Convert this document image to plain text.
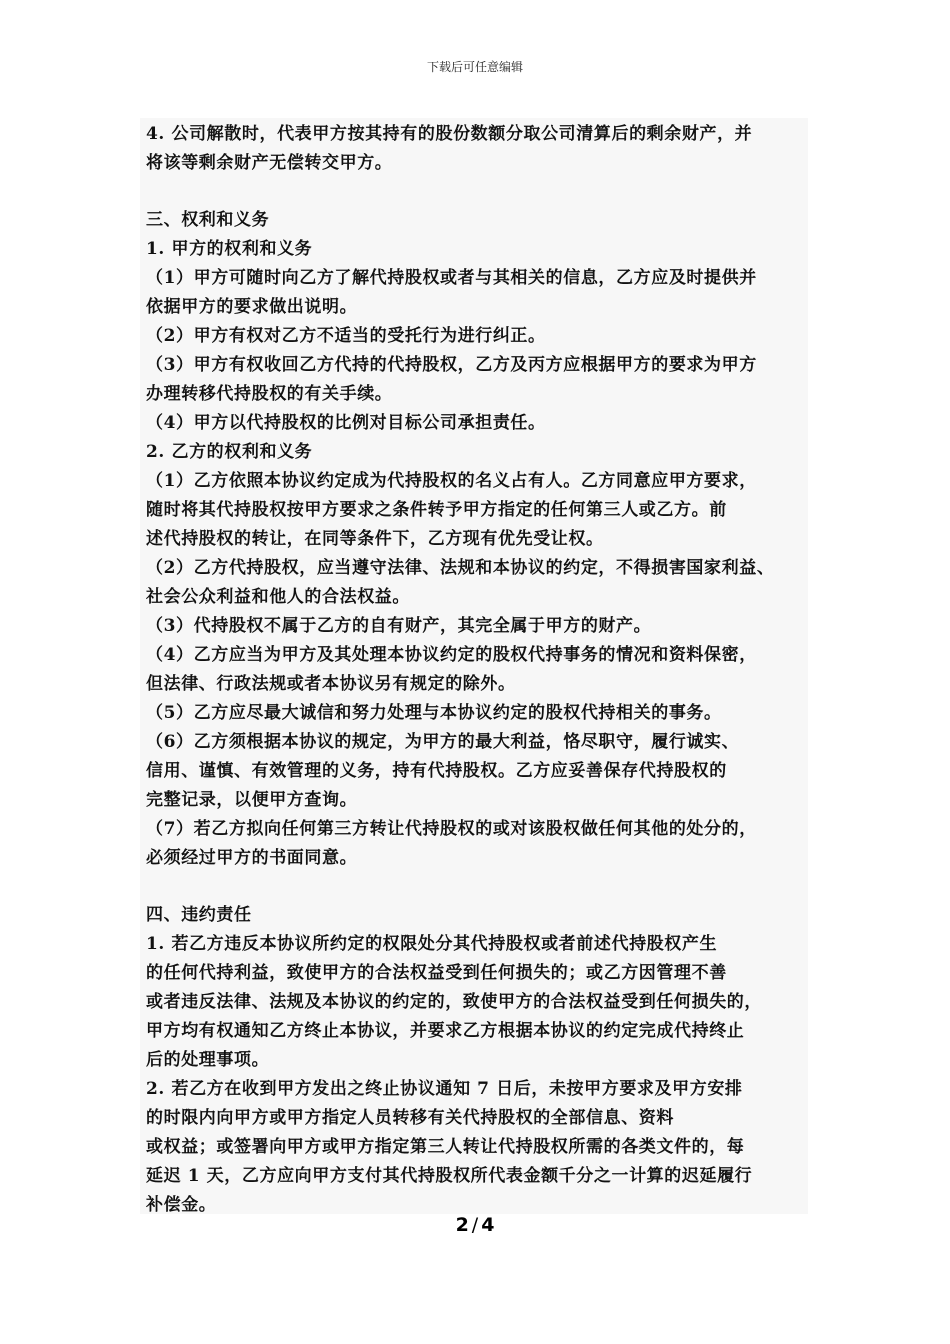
下载后可任意编辑
4. 公司解散时，代表甲方按其持有的股份数额分取公司清算后的剩余财产，并
将该等剩余财产无偿转交甲方。
三、权利和义务
1. 甲方的权利和义务
（1）甲方可随时向乙方了解代持股权或者与其相关的信息，乙方应及时提供并
依据甲方的要求做出说明。
（2）甲方有权对乙方不适当的受托行为进行纠正。
（3）甲方有权收回乙方代持的代持股权，乙方及丙方应根据甲方的要求为甲方
办理转移代持股权的有关手续。
（4）甲方以代持股权的比例对目标公司承担责任。
2. 乙方的权利和义务
（1）乙方依照本协议约定成为代持股权的名义占有人。乙方同意应甲方要求，
随时将其代持股权按甲方要求之条件转予甲方指定的任何第三人或乙方。前
述代持股权的转让，在同等条件下，乙方现有优先受让权。
（2）乙方代持股权，应当遵守法律、法规和本协议的约定，不得损害国家利益、
社会公众利益和他人的合法权益。
（3）代持股权不属于乙方的自有财产，其完全属于甲方的财产。
（4）乙方应当为甲方及其处理本协议约定的股权代持事务的情况和资料保密，
但法律、行政法规或者本协议另有规定的除外。
（5）乙方应尽最大诚信和努力处理与本协议约定的股权代持相关的事务。
（6）乙方须根据本协议的规定，为甲方的最大利益，恪尽职守，履行诚实、
信用、谨慎、有效管理的义务，持有代持股权。乙方应妥善保存代持股权的
完整记录，以便甲方查询。
（7）若乙方拟向任何第三方转让代持股权的或对该股权做任何其他的处分的，
必须经过甲方的书面同意。
四、违约责任
1. 若乙方违反本协议所约定的权限处分其代持股权或者前述代持股权产生
的任何代持利益，致使甲方的合法权益受到任何损失的；或乙方因管理不善
或者违反法律、法规及本协议的约定的，致使甲方的合法权益受到任何损失的，
甲方均有权通知乙方终止本协议，并要求乙方根据本协议的约定完成代持终止
后的处理事项。
2. 若乙方在收到甲方发出之终止协议通知 7 日后，未按甲方要求及甲方安排
的时限内向甲方或甲方指定人员转移有关代持股权的全部信息、资料
或权益；或签署向甲方或甲方指定第三人转让代持股权所需的各类文件的，每
延迟 1 天，乙方应向甲方支付其代持股权所代表金额千分之一计算的迟延履行
补偿金。
2 / 4
